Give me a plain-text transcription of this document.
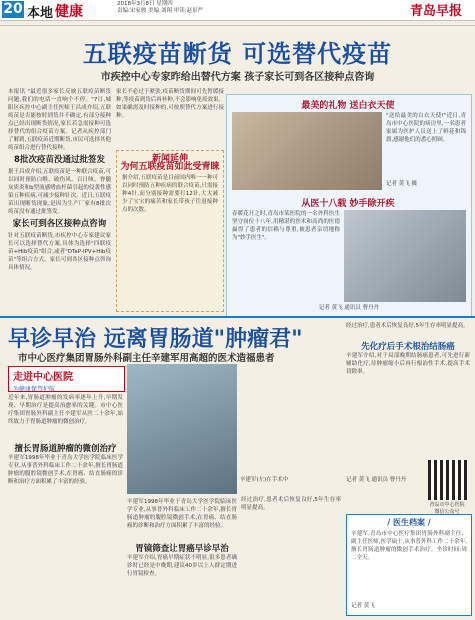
20 本地 健康	2018年3月8日 星期四
责编:宋家骏 美编:刘翔 审读:赵景严	青岛早报
五联疫苗断货 可选替代疫苗
市疾控中心专家昨给出替代方案 孩子家长可到各区接种点咨询
本报讯 "最近很多家长反映五联疫苗断货问题,我们的电话一直响个不停。"7日,城阳区疾控中心副主任医师王昌成介绍,五联疫苗是否能按时到货并不确定,有部分接种点已经出现断货情况,家长若急需接种可选择替代的组合疫苗方案。记者从疾控部门了解到,五联疫苗近期断货,市民可选择其他疫苗组合进行替代接种。
8批次疫苗没通过批签发
据王昌成介绍,五联疫苗是一种联合疫苗,可以同时预防白喉、破伤风、百日咳、脊髓灰质炎和b型流感嗜血杆菌引起的侵袭性感染五种疾病,可减少接种针次。近日,五联疫苗出现断货现象,是因为生产厂家有8批次疫苗没有通过批签发。
家长可到各区接种点咨询
针对五联疫苗断货,市疾控中心专家建议家长可以选择替代方案,具体为选择"四联疫苗+Hib疫苗"组合,或者"DTaP-IPV+Hib疫苗"等组合方式。家长可到各区接种点咨询具体情况。
家长不必过于紧张,疫苗断货期间可先暂缓接种,等疫苗到货后再补种,不会影响免疫效果。如果确需及时接种的,可按照替代方案进行接种。
新闻延伸
为何五联疫苗如此受青睐
据介绍,五联疫苗是目前国内唯一一种可以同时预防五种疾病的联合疫苗,只需接种4针,而分别接种需要打12针,大大减少了宝宝的痛苦和家长带孩子往返接种点的次数。
最美的礼物 送白衣天使
"送给最美的白衣天使!"近日,青岛市中心医院的病房里,一名患者家属为医护人员送上了鲜花和锦旗,感谢他们的悉心照顾。
记者 黄飞 摄
从医十八载 妙手除开疾
春暖花开之时,青岛市某医院的一名外科医生坚守岗位十八年,用精湛的医术和高尚的医德赢得了患者的信赖与尊重,被患者亲切地称为"妙手医生"。
记者 黄飞 通讯员 曹丹丹
早诊早治 远离胃肠道"肿瘤君"
市中心医疗集团胃肠外科副主任辛建军用高超的医术造福患者
走进中心医院
为健康保驾护航
近年来,胃肠道肿瘤的发病率逐年上升,早期发现、早期治疗是提高治愈率的关键。市中心医疗集团胃肠外科副主任辛建军从医二十余年,始终致力于胃肠道肿瘤的微创治疗。
擅长胃肠道肿瘤的微创治疗
辛建军1998年毕业于青岛大学医学院临床医学专业,从事普外科临床工作二十余年,擅长胃肠道肿瘤的腹腔镜微创手术,在胃癌、结直肠癌的诊断和治疗方面积累了丰富的经验。	辛建军(左)在手术中
辛建军1998年毕业于青岛大学医学院临床医学专业,从事普外科临床工作二十余年,擅长胃肠道肿瘤的腹腔镜微创手术,在胃癌、结直肠癌的诊断和治疗方面积累了丰富的经验。
胃镜筛查让胃癌早诊早治
辛建军介绍,胃癌早期症状不明显,很多患者确诊时已经是中晚期,建议40岁以上人群定期进行胃镜检查。
经过治疗,患者术后恢复良好,5年生存率明显提高。
经过治疗,患者术后恢复良好,5年生存率明显提高。
先化疗后手术根治结肠癌
辛建军介绍,对于局部晚期结肠癌患者,可先进行新辅助化疗,待肿瘤缩小后再行根治性手术,提高手术切除率。
记者 黄飞 通讯员 曹丹丹
青岛市中心医院
微信公众号
/ 医生档案 /
辛建军,青岛市中心医疗集团胃肠外科副主任、副主任医师,医学硕士,从事普外科工作二十余年,擅长胃肠道肿瘤的微创手术治疗。坐诊时间:周二全天。
记者 黄飞
